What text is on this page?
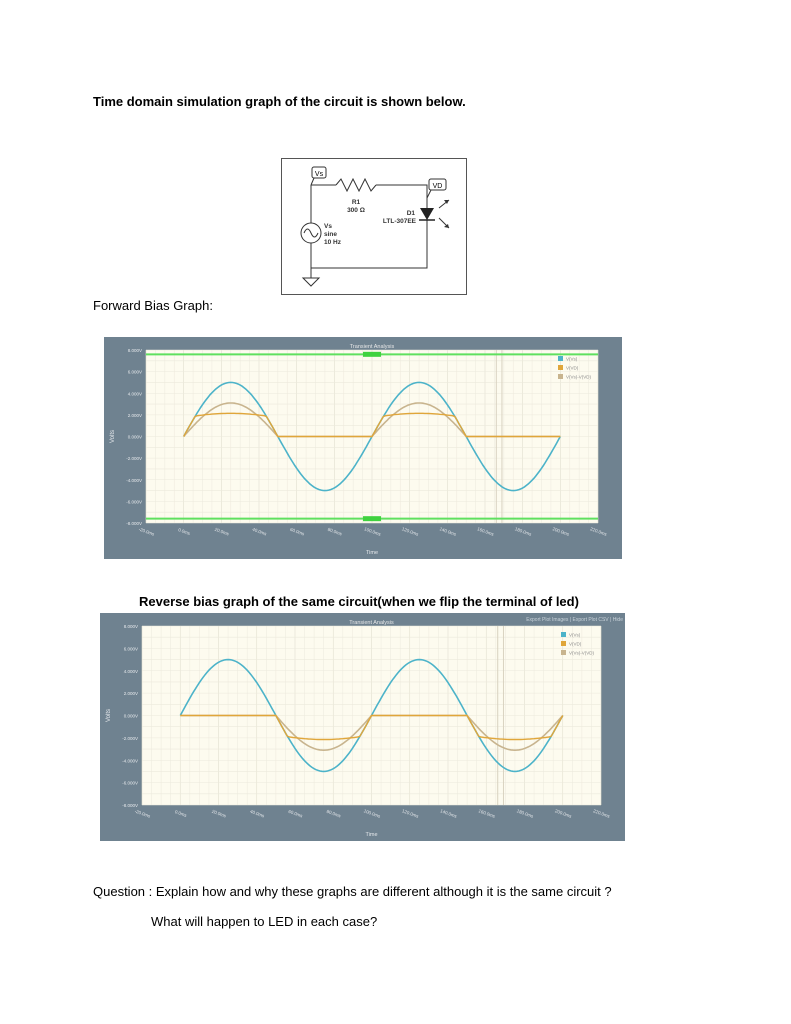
Time domain simulation graph of the circuit is shown below.
Vs
VD
R1
300 Ω	D1
LTL-307EE
Vs
sine
10 Hz
Forward Bias Graph:
Transient Analysis
8.000V
6.000V
4.000V
2.000V
0.000V
-2.000V
-4.000V
-6.000V
-8.000V
-20.0ms	0.0ms	20.0ms	40.0ms	60.0ms	80.0ms	100.0ms	120.0ms	140.0ms	160.0ms	180.0ms	200.0ms	220.0ms
Time
Volts
V(Vs)
V(VD)
V(Vs)-V(VD)
Reverse bias graph of the same circuit(when we flip the terminal of led)
Transient Analysis	Export Plot Images | Export Plot CSV | Hide
8.000V
6.000V
4.000V
2.000V
0.000V
-2.000V
-4.000V
-6.000V
-8.000V
-20.0ms	0.0ms	20.0ms	40.0ms	60.0ms	80.0ms	100.0ms	120.0ms	140.0ms	160.0ms	180.0ms	200.0ms	220.0ms
Time
Volts
V(Vs)
V(VD)
V(Vs)-V(VD)
Question : Explain how and why these graphs are different although it is the same circuit ?
What will happen to LED in each case?
